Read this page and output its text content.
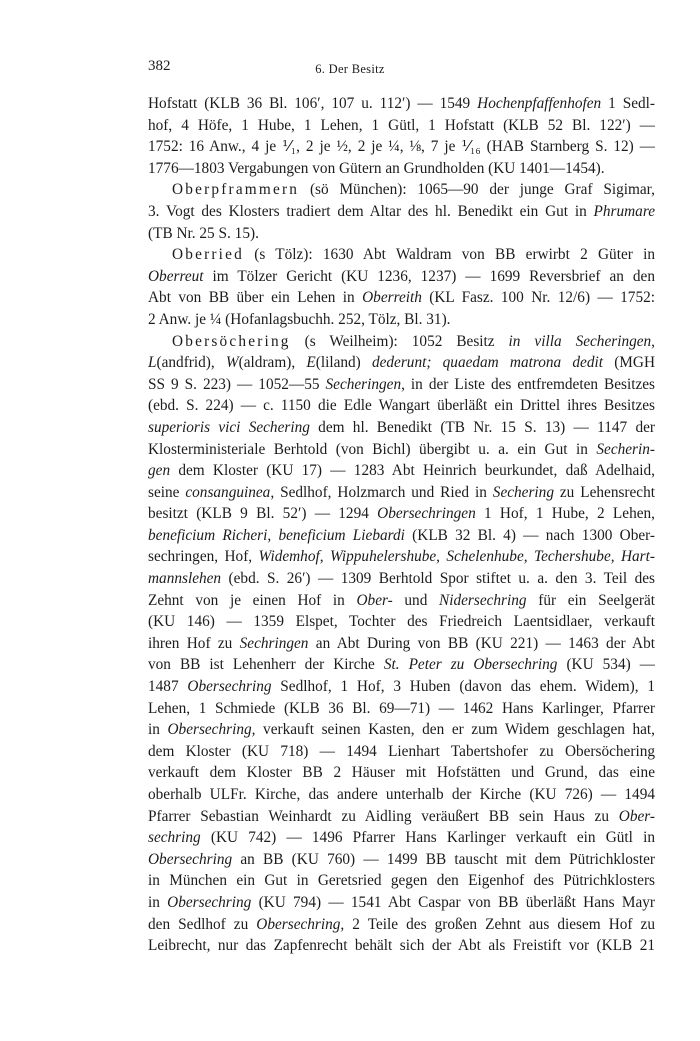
382	6. Der Besitz
Hofstatt (KLB 36 Bl. 106′, 107 u. 112′) — 1549 Hochenpfaffenhofen 1 Sedl-
hof, 4 Höfe, 1 Hube, 1 Lehen, 1 Gütl, 1 Hofstatt (KLB 52 Bl. 122′) —
1752: 16 Anw., 4 je ⅟₁, 2 je ½, 2 je ¼, ⅛, 7 je ⅟₁₆ (HAB Starnberg S. 12) —
1776—1803 Vergabungen von Gütern an Grundholden (KU 1401—1454).
Oberpframmern (sö München): 1065—90 der junge Graf Sigimar,
3. Vogt des Klosters tradiert dem Altar des hl. Benedikt ein Gut in Phrumare
(TB Nr. 25 S. 15).
Oberried (s Tölz): 1630 Abt Waldram von BB erwirbt 2 Güter in
Oberreut im Tölzer Gericht (KU 1236, 1237) — 1699 Reversbrief an den
Abt von BB über ein Lehen in Oberreith (KL Fasz. 100 Nr. 12/6) — 1752:
2 Anw. je ¼ (Hofanlagsbuchh. 252, Tölz, Bl. 31).
Obersöchering (s Weilheim): 1052 Besitz in villa Secheringen,
L(andfrid), W(aldram), E(liland) dederunt; quaedam matrona dedit (MGH
SS 9 S. 223) — 1052—55 Secheringen, in der Liste des entfremdeten Besitzes
(ebd. S. 224) — c. 1150 die Edle Wangart überläßt ein Drittel ihres Besitzes
superioris vici Sechering dem hl. Benedikt (TB Nr. 15 S. 13) — 1147 der
Klosterministeriale Berhtold (von Bichl) übergibt u. a. ein Gut in Secherin-
gen dem Kloster (KU 17) — 1283 Abt Heinrich beurkundet, daß Adelhaid,
seine consanguinea, Sedlhof, Holzmarch und Ried in Sechering zu Lehensrecht
besitzt (KLB 9 Bl. 52′) — 1294 Obersechringen 1 Hof, 1 Hube, 2 Lehen,
beneficium Richeri, beneficium Liebardi (KLB 32 Bl. 4) — nach 1300 Ober-
sechringen, Hof, Widemhof, Wippuhelershube, Schelenhube, Techershube, Hart-
mannslehen (ebd. S. 26′) — 1309 Berhtold Spor stiftet u. a. den 3. Teil des
Zehnt von je einen Hof in Ober- und Nidersechring für ein Seelgerät
(KU 146) — 1359 Elspet, Tochter des Friedreich Laentsidlaer, verkauft
ihren Hof zu Sechringen an Abt During von BB (KU 221) — 1463 der Abt
von BB ist Lehenherr der Kirche St. Peter zu Obersechring (KU 534) —
1487 Obersechring Sedlhof, 1 Hof, 3 Huben (davon das ehem. Widem), 1
Lehen, 1 Schmiede (KLB 36 Bl. 69—71) — 1462 Hans Karlinger, Pfarrer
in Obersechring, verkauft seinen Kasten, den er zum Widem geschlagen hat,
dem Kloster (KU 718) — 1494 Lienhart Tabertshofer zu Obersöchering
verkauft dem Kloster BB 2 Häuser mit Hofstätten und Grund, das eine
oberhalb ULFr. Kirche, das andere unterhalb der Kirche (KU 726) — 1494
Pfarrer Sebastian Weinhardt zu Aidling veräußert BB sein Haus zu Ober-
sechring (KU 742) — 1496 Pfarrer Hans Karlinger verkauft ein Gütl in
Obersechring an BB (KU 760) — 1499 BB tauscht mit dem Pütrichkloster
in München ein Gut in Geretsried gegen den Eigenhof des Pütrichklosters
in Obersechring (KU 794) — 1541 Abt Caspar von BB überläßt Hans Mayr
den Sedlhof zu Obersechring, 2 Teile des großen Zehnt aus diesem Hof zu
Leibrecht, nur das Zapfenrecht behält sich der Abt als Freistift vor (KLB 21
